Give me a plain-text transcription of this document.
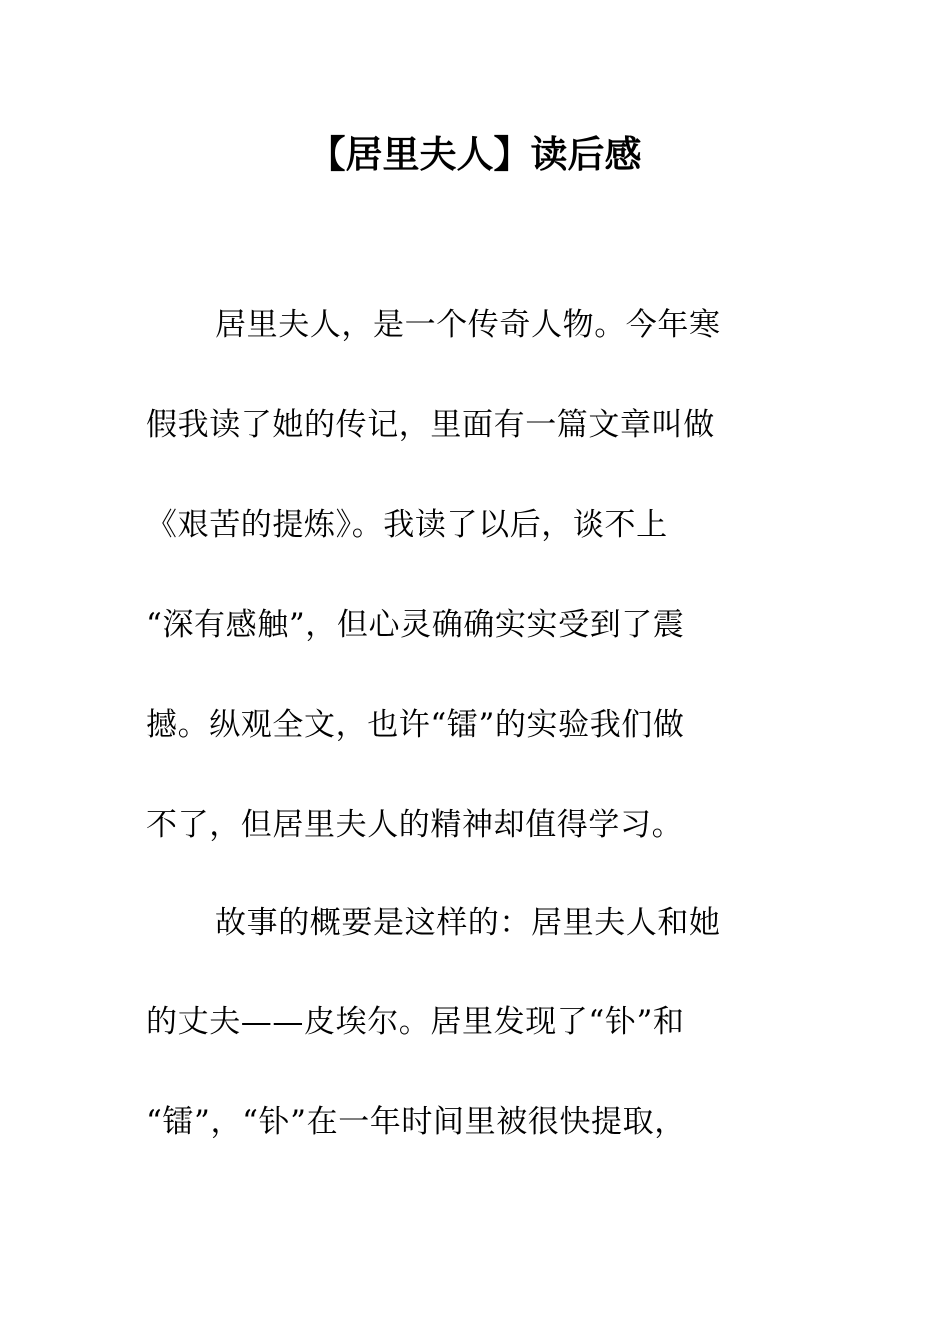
【居里夫人】读后感
居里夫人，是一个传奇人物。今年寒
假我读了她的传记，里面有一篇文章叫做
《艰苦的提炼》。我读了以后，谈不上
“深有感触”，但心灵确确实实受到了震
撼。纵观全文，也许“镭”的实验我们做
不了，但居里夫人的精神却值得学习。
故事的概要是这样的：居里夫人和她
的丈夫——皮埃尔。居里发现了“钋”和
“镭”，“钋”在一年时间里被很快提取，
